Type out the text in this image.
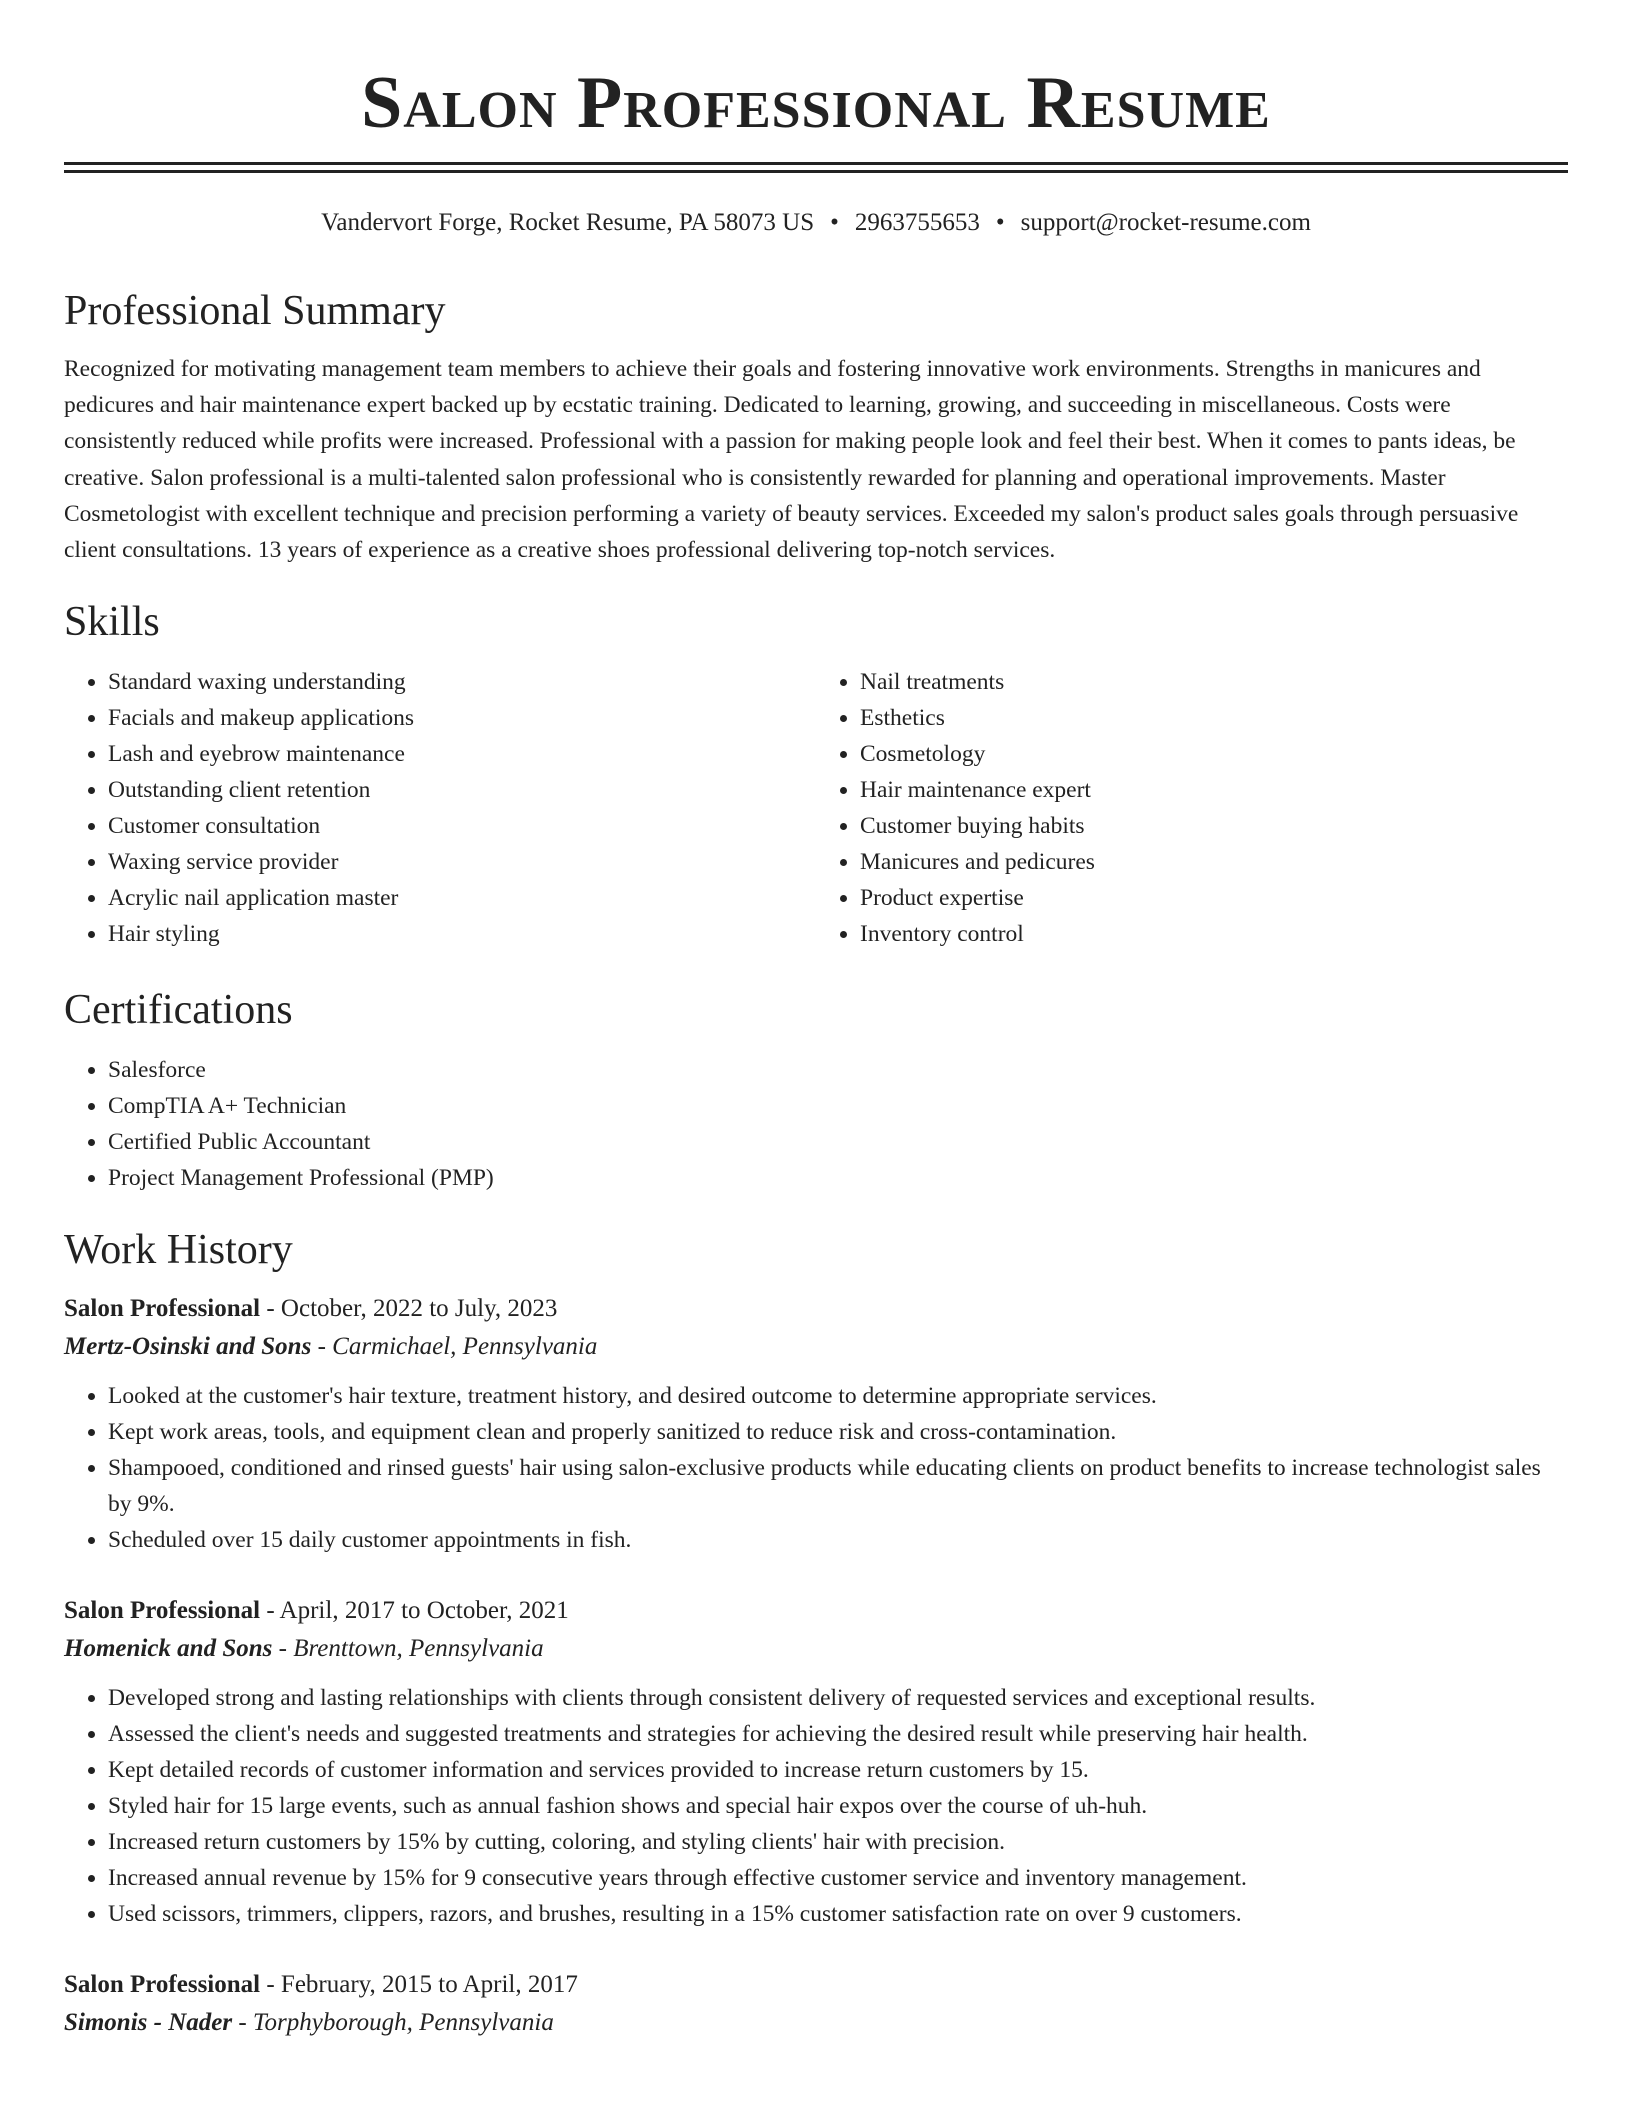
Salon Professional Resume
Vandervort Forge, Rocket Resume, PA 58073 US • 2963755653 • support@rocket-resume.com
Professional Summary

Recognized for motivating management team members to achieve their goals and fostering innovative work environments. Strengths in manicures and pedicures and hair maintenance expert backed up by ecstatic training. Dedicated to learning, growing, and succeeding in miscellaneous. Costs were consistently reduced while profits were increased. Professional with a passion for making people look and feel their best. When it comes to pants ideas, be creative. Salon professional is a multi-talented salon professional who is consistently rewarded for planning and operational improvements. Master Cosmetologist with excellent technique and precision performing a variety of beauty services. Exceeded my salon's product sales goals through persuasive client consultations. 13 years of experience as a creative shoes professional delivering top-notch services.

Skills
• Standard waxing understanding
• Facials and makeup applications
• Lash and eyebrow maintenance
• Outstanding client retention
• Customer consultation
• Waxing service provider
• Acrylic nail application master
• Hair styling
• Nail treatments
• Esthetics
• Cosmetology
• Hair maintenance expert
• Customer buying habits
• Manicures and pedicures
• Product expertise
• Inventory control
Certifications
• Salesforce
• CompTIA A+ Technician
• Certified Public Accountant
• Project Management Professional (PMP)
Work History
Salon Professional - October, 2022 to July, 2023
Mertz-Osinski and Sons - Carmichael, Pennsylvania
• Looked at the customer's hair texture, treatment history, and desired outcome to determine appropriate services.
• Kept work areas, tools, and equipment clean and properly sanitized to reduce risk and cross-contamination.
• Shampooed, conditioned and rinsed guests' hair using salon-exclusive products while educating clients on product benefits to increase technologist sales by 9%.
• Scheduled over 15 daily customer appointments in fish.
Salon Professional - April, 2017 to October, 2021
Homenick and Sons - Brenttown, Pennsylvania
• Developed strong and lasting relationships with clients through consistent delivery of requested services and exceptional results.
• Assessed the client's needs and suggested treatments and strategies for achieving the desired result while preserving hair health.
• Kept detailed records of customer information and services provided to increase return customers by 15.
• Styled hair for 15 large events, such as annual fashion shows and special hair expos over the course of uh-huh.
• Increased return customers by 15% by cutting, coloring, and styling clients' hair with precision.
• Increased annual revenue by 15% for 9 consecutive years through effective customer service and inventory management.
• Used scissors, trimmers, clippers, razors, and brushes, resulting in a 15% customer satisfaction rate on over 9 customers.
Salon Professional - February, 2015 to April, 2017
Simonis - Nader - Torphyborough, Pennsylvania
